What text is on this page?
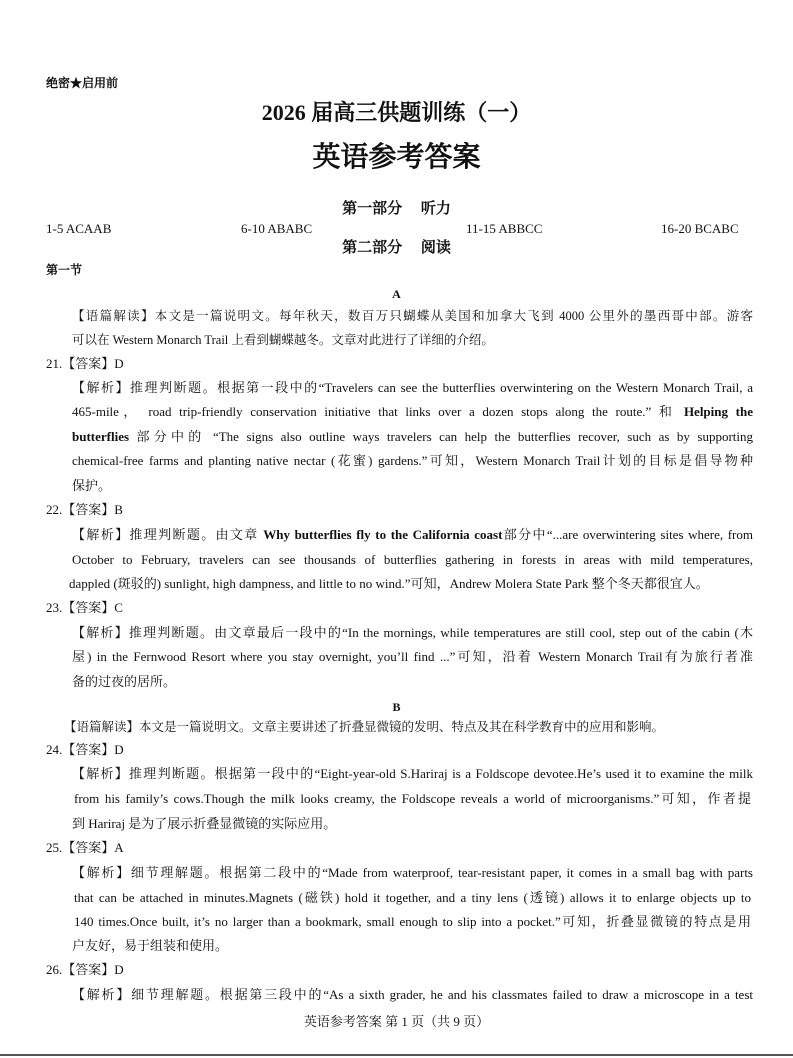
绝密★启用前
2026 届高三供题训练（一）
英语参考答案
第一部分　 听力
1-5 ACAAB	6-10 ABABC	11-15 ABBCC	16-20 BCABC
第二部分　 阅读
第一节
A
【语篇解读】本文是一篇说明文。每年秋天，数百万只蝴蝶从美国和加拿大飞到 4000 公里外的墨西哥中部。游客
可以在 Western Monarch Trail 上看到蝴蝶越冬。文章对此进行了详细的介绍。
21.【答案】D
【解析】推理判断题。根据第一段中的“Travelers can see the butterflies overwintering on the Western Monarch Trail, a
465-mile， road trip-friendly conservation initiative that links over a dozen stops along the route.” 和 Helping the
butterflies 部分中的 “The signs also outline ways travelers can help the butterflies recover, such as by supporting
chemical-free farms and planting native nectar (花蜜) gardens.”可知，Western Monarch Trail计划的目标是倡导物种
保护。
22.【答案】B
【解析】推理判断题。由文章 Why butterflies fly to the California coast部分中“...are overwintering sites where, from
October to February, travelers can see thousands of butterflies gathering in forests in areas with mild temperatures,
dappled (斑驳的) sunlight, high dampness, and little to no wind.”可知，Andrew Molera State Park 整个冬天都很宜人。
23.【答案】C
【解析】推理判断题。由文章最后一段中的“In the mornings, while temperatures are still cool, step out of the cabin (木
屋) in the Fernwood Resort where you stay overnight, you’ll find ...”可知，沿着 Western Monarch Trail有为旅行者准
备的过夜的居所。
B
【语篇解读】本文是一篇说明文。文章主要讲述了折叠显微镜的发明、特点及其在科学教育中的应用和影响。
24.【答案】D
【解析】推理判断题。根据第一段中的“Eight-year-old S.Hariraj is a Foldscope devotee.He’s used it to examine the milk
from his family’s cows.Though the milk looks creamy, the Foldscope reveals a world of microorganisms.”可知，作者提
到 Hariraj 是为了展示折叠显微镜的实际应用。
25.【答案】A
【解析】细节理解题。根据第二段中的“Made from waterproof, tear-resistant paper, it comes in a small bag with parts
that can be attached in minutes.Magnets (磁铁) hold it together, and a tiny lens (透镜) allows it to enlarge objects up to
140 times.Once built, it’s no larger than a bookmark, small enough to slip into a pocket.”可知，折叠显微镜的特点是用
户友好，易于组装和使用。
26.【答案】D
【解析】细节理解题。根据第三段中的“As a sixth grader, he and his classmates failed to draw a microscope in a test
英语参考答案 第 1 页（共 9 页）
